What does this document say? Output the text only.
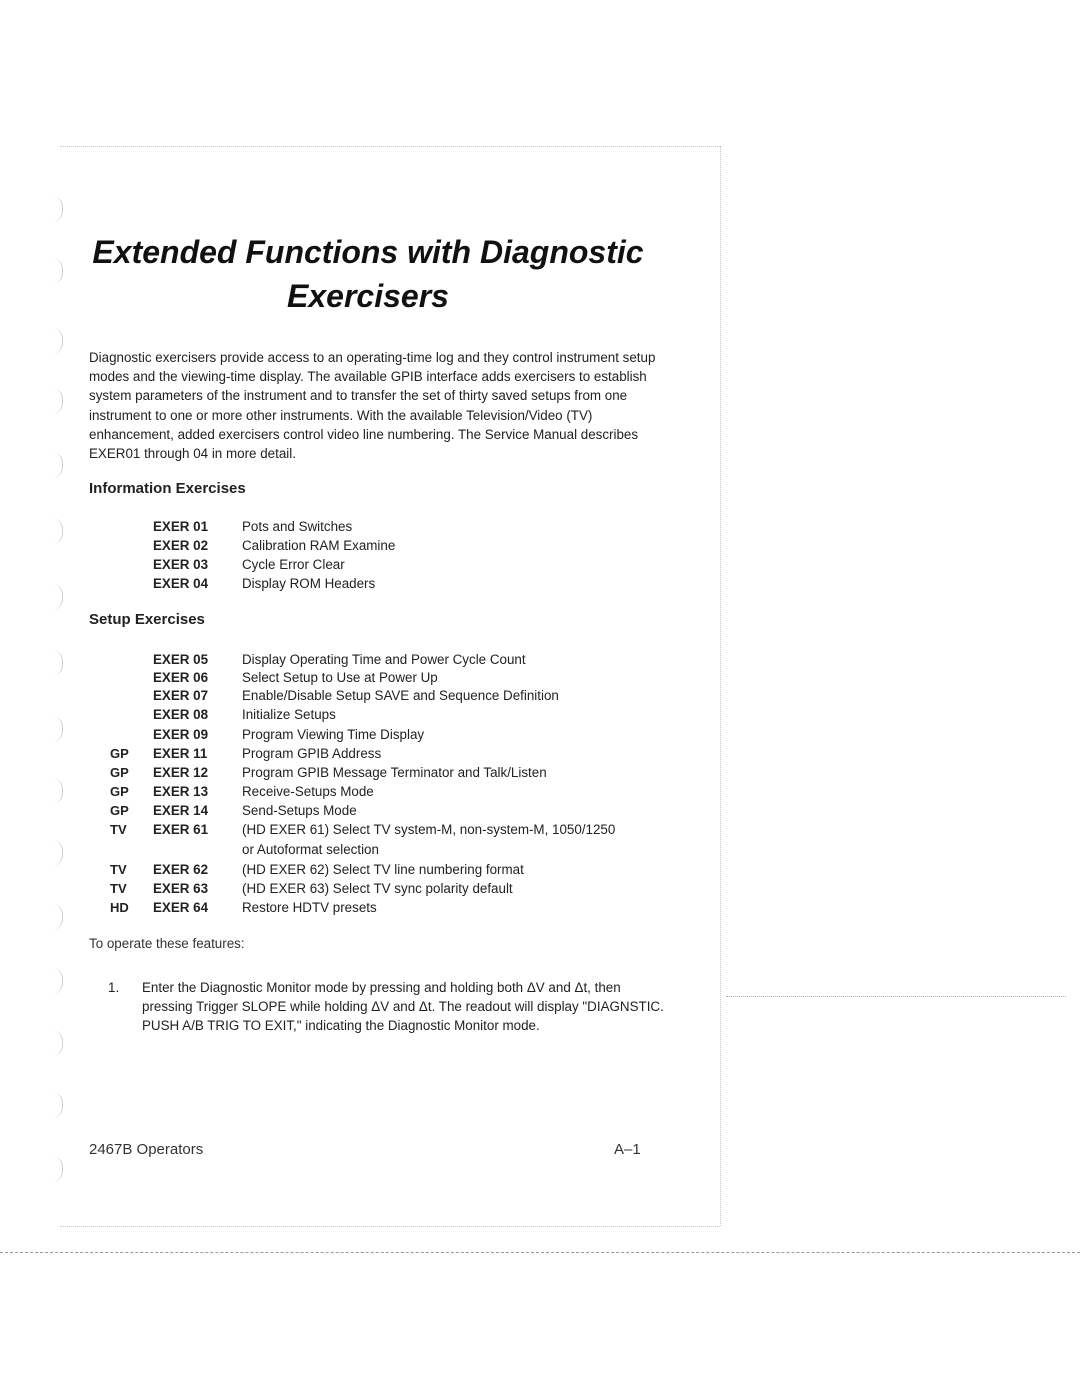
Extended Functions with Diagnostic
Exercisers

Diagnostic exercisers provide access to an operating-time log and they control instrument setup modes and the viewing-time display. The available GPIB interface adds exercisers to establish system parameters of the instrument and to transfer the set of thirty saved setups from one instrument to one or more other instruments. With the available Television/Video (TV) enhancement, added exercisers control video line numbering. The Service Manual describes EXER01 through 04 in more detail.

Information Exercises
EXER 01	Pots and Switches
EXER 02	Calibration RAM Examine
EXER 03	Cycle Error Clear
EXER 04	Display ROM Headers
Setup Exercises
EXER 05	Display Operating Time and Power Cycle Count
EXER 06	Select Setup to Use at Power Up
EXER 07	Enable/Disable Setup SAVE and Sequence Definition
EXER 08	Initialize Setups
EXER 09	Program Viewing Time Display
GP	EXER 11	Program GPIB Address
GP	EXER 12	Program GPIB Message Terminator and Talk/Listen
GP	EXER 13	Receive-Setups Mode
GP	EXER 14	Send-Setups Mode
TV	EXER 61	(HD EXER 61) Select TV system-M, non-system-M, 1050/1250
or Autoformat selection
TV	EXER 62	(HD EXER 62) Select TV line numbering format
TV	EXER 63	(HD EXER 63) Select TV sync polarity default
HD	EXER 64	Restore HDTV presets

To operate these features:

1.	Enter the Diagnostic Monitor mode by pressing and holding both ΔV and Δt, then pressing Trigger SLOPE while holding ΔV and Δt. The readout will display "DIAGNSTIC. PUSH A/B TRIG TO EXIT," indicating the Diagnostic Monitor mode.
2467B Operators	A–1
